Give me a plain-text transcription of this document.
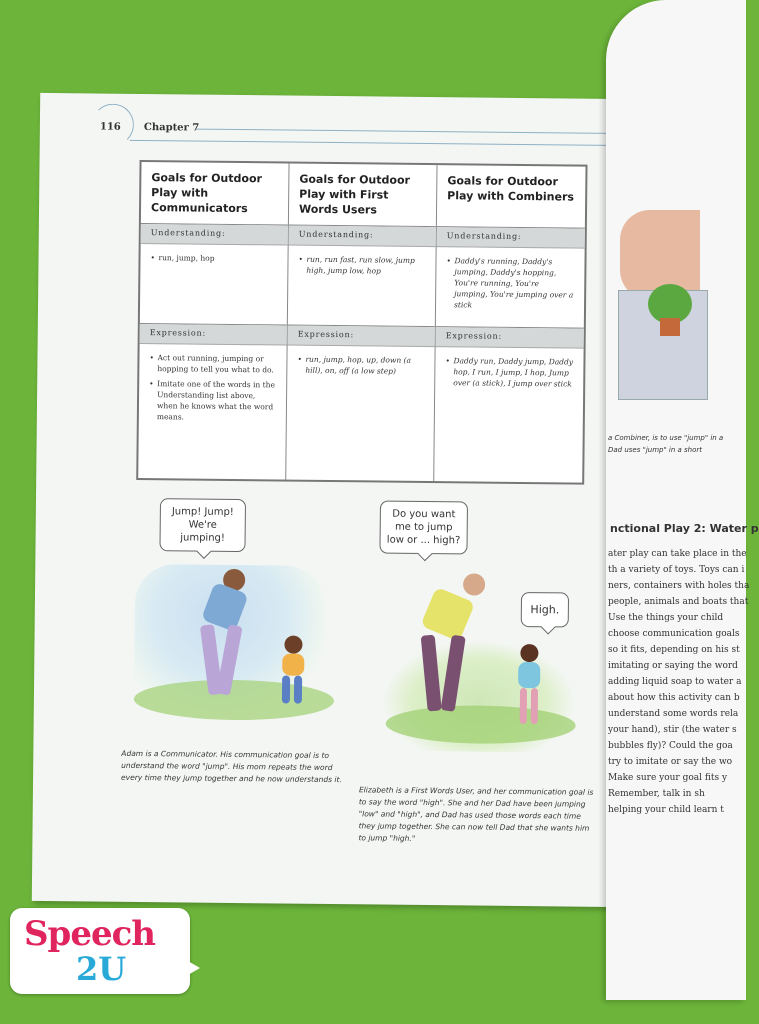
116 Chapter 7
Goals for Outdoor Play with Communicators
Understanding:
• run, jump, hop
Expression:
• Act out running, jumping or hopping to tell you what to do.
• Imitate one of the words in the Understanding list above, when he knows what the word means.
Goals for Outdoor Play with First Words Users
Understanding:
• run, run fast, run slow, jump high, jump low, hop
Expression:
• run, jump, hop, up, down (a hill), on, off (a low step)
Goals for Outdoor Play with Combiners
Understanding:
• Daddy's running, Daddy's jumping, Daddy's hopping, You're running, You're jumping, You're jumping over a stick
Expression:
• Daddy run, Daddy jump, Daddy hop, I run, I jump, I hop, Jump over (a stick), I jump over stick
Jump! Jump! We're jumping!
Do you want me to jump low or ... high?
High.
Adam is a Communicator. His communication goal is to understand the word "jump". His mom repeats the word every time they jump together and he now understands it.
Elizabeth is a First Words User, and her communication goal is to say the word "high". She and her Dad have been jumping "low" and "high", and Dad has used those words each time they jump together. She can now tell Dad that she wants him to jump "high."
a Combiner, is to use "jump" in a
Dad uses "jump" in a short
nctional Play 2: Water p
ater play can take place in the
th a variety of toys. Toys can i
ners, containers with holes tha
people, animals and boats that
Use the things your child
choose communication goals
so it fits, depending on his st
imitating or saying the word
adding liquid soap to water a
about how this activity can b
understand some words rela
your hand), stir (the water s
bubbles fly)? Could the goa
try to imitate or say the wo
Make sure your goal fits y
Remember, talk in sh
helping your child learn t
Speech
2U
